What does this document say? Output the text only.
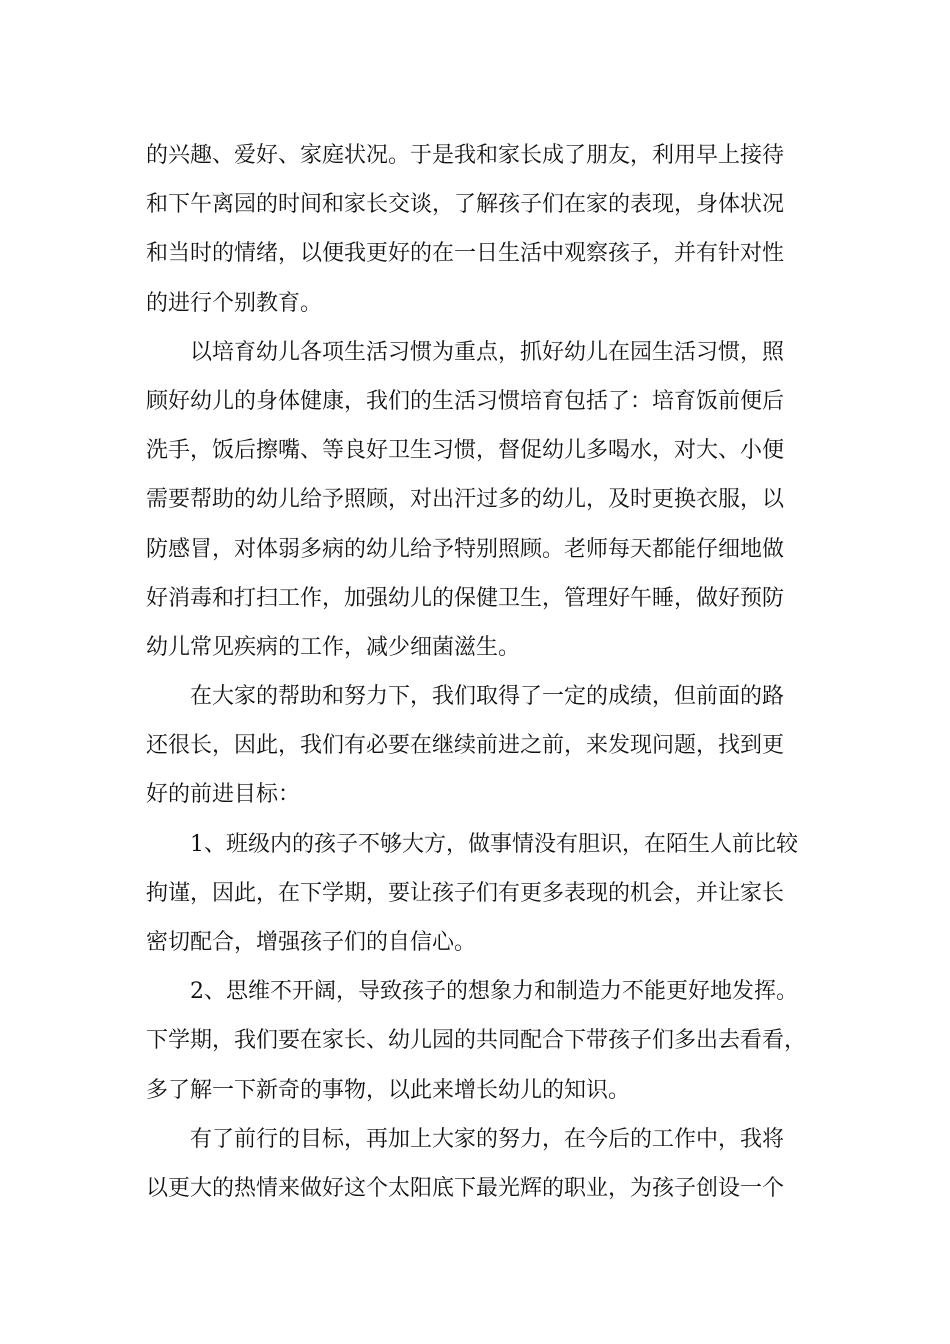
的兴趣、爱好、家庭状况。于是我和家长成了朋友，利用早上接待
和下午离园的时间和家长交谈，了解孩子们在家的表现，身体状况
和当时的情绪，以便我更好的在一日生活中观察孩子，并有针对性
的进行个别教育。
以培育幼儿各项生活习惯为重点，抓好幼儿在园生活习惯，照
顾好幼儿的身体健康，我们的生活习惯培育包括了：培育饭前便后
洗手，饭后擦嘴、等良好卫生习惯，督促幼儿多喝水，对大、小便
需要帮助的幼儿给予照顾，对出汗过多的幼儿，及时更换衣服，以
防感冒，对体弱多病的幼儿给予特别照顾。老师每天都能仔细地做
好消毒和打扫工作，加强幼儿的保健卫生，管理好午睡，做好预防
幼儿常见疾病的工作，减少细菌滋生。
在大家的帮助和努力下，我们取得了一定的成绩，但前面的路
还很长，因此，我们有必要在继续前进之前，来发现问题，找到更
好的前进目标：
1、班级内的孩子不够大方，做事情没有胆识，在陌生人前比较
拘谨，因此，在下学期，要让孩子们有更多表现的机会，并让家长
密切配合，增强孩子们的自信心。
2、思维不开阔，导致孩子的想象力和制造力不能更好地发挥。
下学期，我们要在家长、幼儿园的共同配合下带孩子们多出去看看，
多了解一下新奇的事物，以此来增长幼儿的知识。
有了前行的目标，再加上大家的努力，在今后的工作中，我将
以更大的热情来做好这个太阳底下最光辉的职业，为孩子创设一个
